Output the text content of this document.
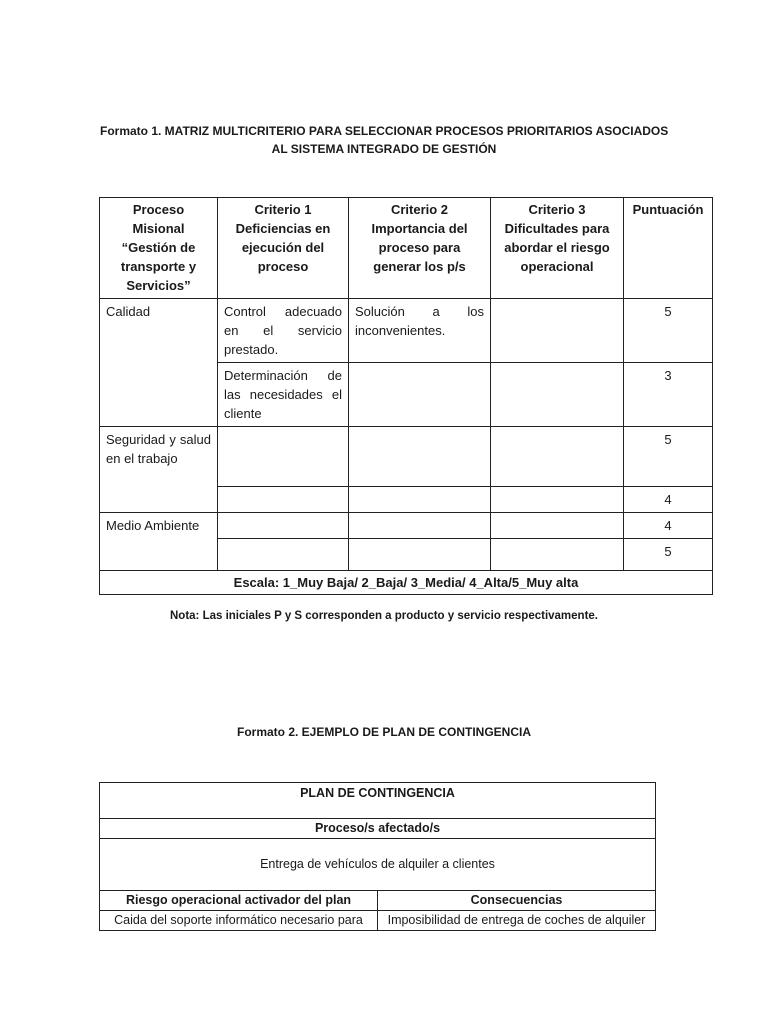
Formato 1. MATRIZ MULTICRITERIO PARA SELECCIONAR PROCESOS PRIORITARIOS ASOCIADOS
AL SISTEMA INTEGRADO DE GESTIÓN
Proceso Misional “Gestión de transporte y Servicios”	Criterio 1 Deficiencias en ejecución del proceso	Criterio 2 Importancia del proceso para generar los p/s	Criterio 3 Dificultades para abordar el riesgo operacional	Puntuación
Calidad	Control adecuado en el servicio prestado.	Solución a los inconvenientes.		5
	Determinación de las necesidades el cliente			3
Seguridad y salud en el trabajo				5
				4
Medio Ambiente				4
				5
Escala: 1_Muy Baja/ 2_Baja/ 3_Media/ 4_Alta/5_Muy alta				
Nota: Las iniciales P y S corresponden a producto y servicio respectivamente.
Formato 2. EJEMPLO DE PLAN DE CONTINGENCIA
PLAN DE CONTINGENCIA	
Proceso/s afectado/s	
Entrega de vehículos de alquiler a clientes	
Riesgo operacional activador del plan	Consecuencias
Caida del soporte informático necesario para	Imposibilidad de entrega de coches de alquiler
